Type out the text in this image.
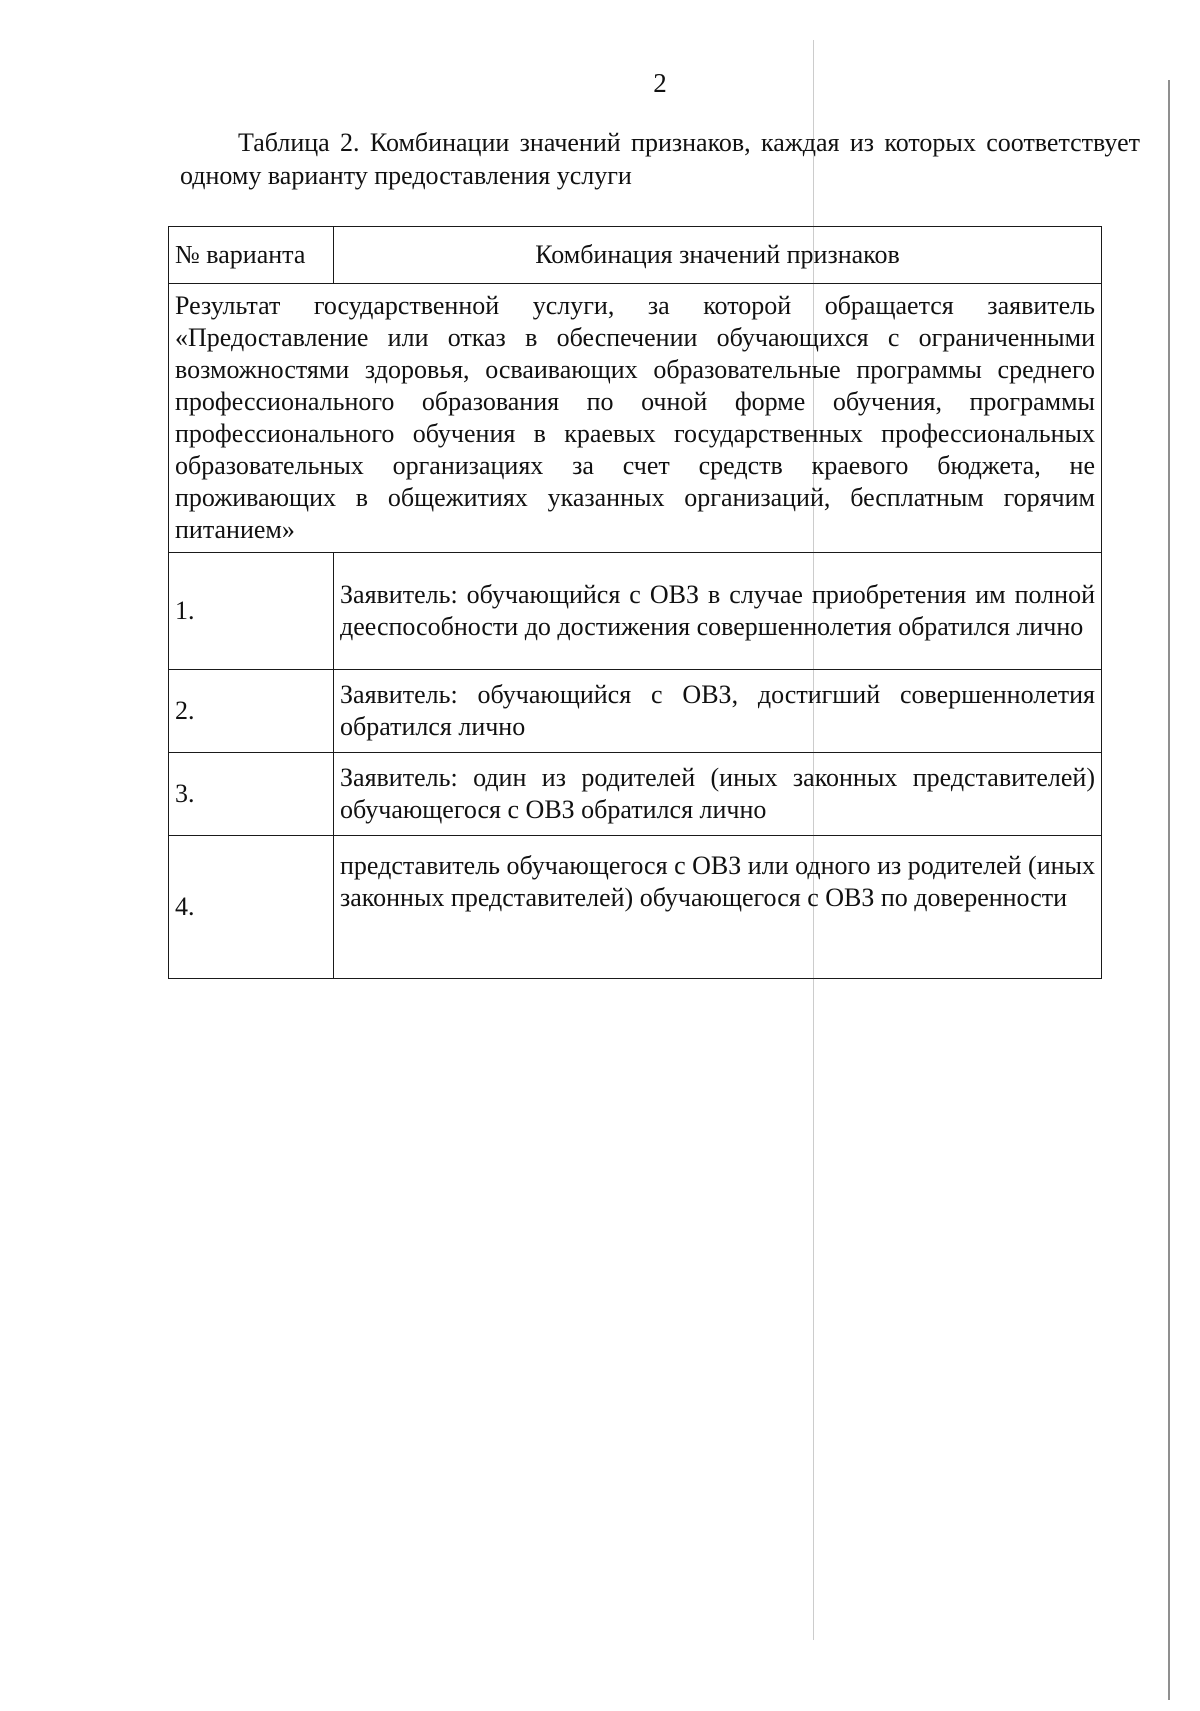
2
Таблица 2. Комбинации значений признаков, каждая из которых соответствует одному варианту предоставления услуги
№ варианта	Комбинация значений признаков
Результат государственной услуги, за которой обращается заявитель «Предоставление или отказ в обеспечении обучающихся с ограниченными возможностями здоровья, осваивающих образовательные программы среднего профессионального образования по очной форме обучения, программы профессионального обучения в краевых государственных профессиональных образовательных организациях за счет средств краевого бюджета, не проживающих в общежитиях указанных организаций, бесплатным горячим питанием»	
1.	Заявитель: обучающийся с ОВЗ в случае приобретения им полной дееспособности до достижения совершеннолетия обратился лично
2.	Заявитель: обучающийся с ОВЗ, достигший совершеннолетия обратился лично
3.	Заявитель: один из родителей (иных законных представителей) обучающегося с ОВЗ обратился лично
4.	представитель обучающегося с ОВЗ или одного из родителей (иных законных представителей) обучающегося с ОВЗ по доверенности
